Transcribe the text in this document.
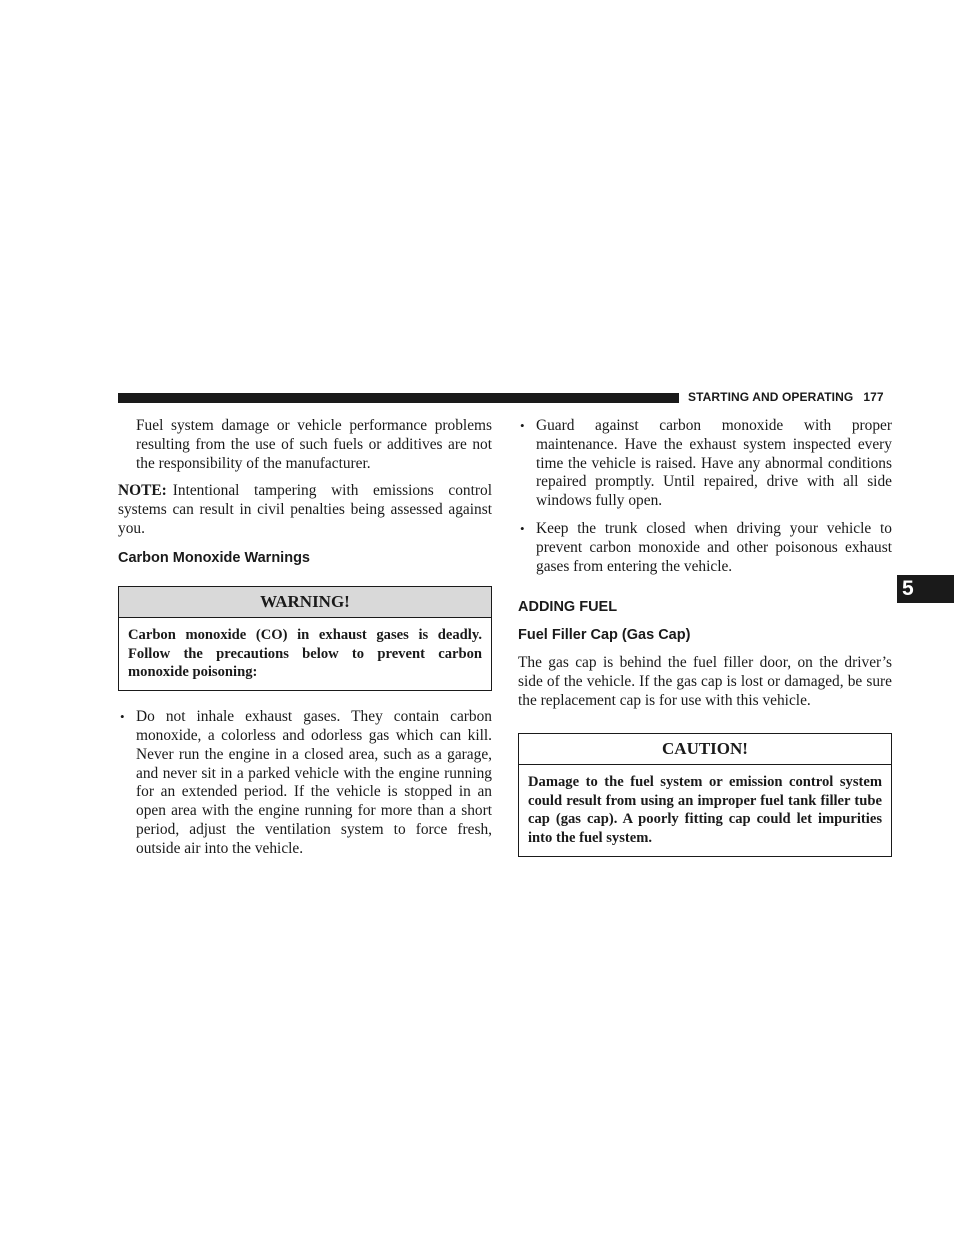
STARTING AND OPERATING 177
5

Fuel system damage or vehicle performance problems resulting from the use of such fuels or additives are not the responsibility of the manufacturer.

NOTE: Intentional tampering with emissions control systems can result in civil penalties being assessed against you.

Carbon Monoxide Warnings
WARNING!
Carbon monoxide (CO) in exhaust gases is deadly. Follow the precautions below to prevent carbon monoxide poisoning:
• Do not inhale exhaust gases. They contain carbon monoxide, a colorless and odorless gas which can kill. Never run the engine in a closed area, such as a garage, and never sit in a parked vehicle with the engine running for an extended period. If the vehicle is stopped in an open area with the engine running for more than a short period, adjust the ventilation system to force fresh, outside air into the vehicle.
• Guard against carbon monoxide with proper maintenance. Have the exhaust system inspected every time the vehicle is raised. Have any abnormal conditions repaired promptly. Until repaired, drive with all side windows fully open.
• Keep the trunk closed when driving your vehicle to prevent carbon monoxide and other poisonous exhaust gases from entering the vehicle.
ADDING FUEL
Fuel Filler Cap (Gas Cap)

The gas cap is behind the fuel filler door, on the driver’s side of the vehicle. If the gas cap is lost or damaged, be sure the replacement cap is for use with this vehicle.

CAUTION!
Damage to the fuel system or emission control system could result from using an improper fuel tank filler tube cap (gas cap). A poorly fitting cap could let impurities into the fuel system.
